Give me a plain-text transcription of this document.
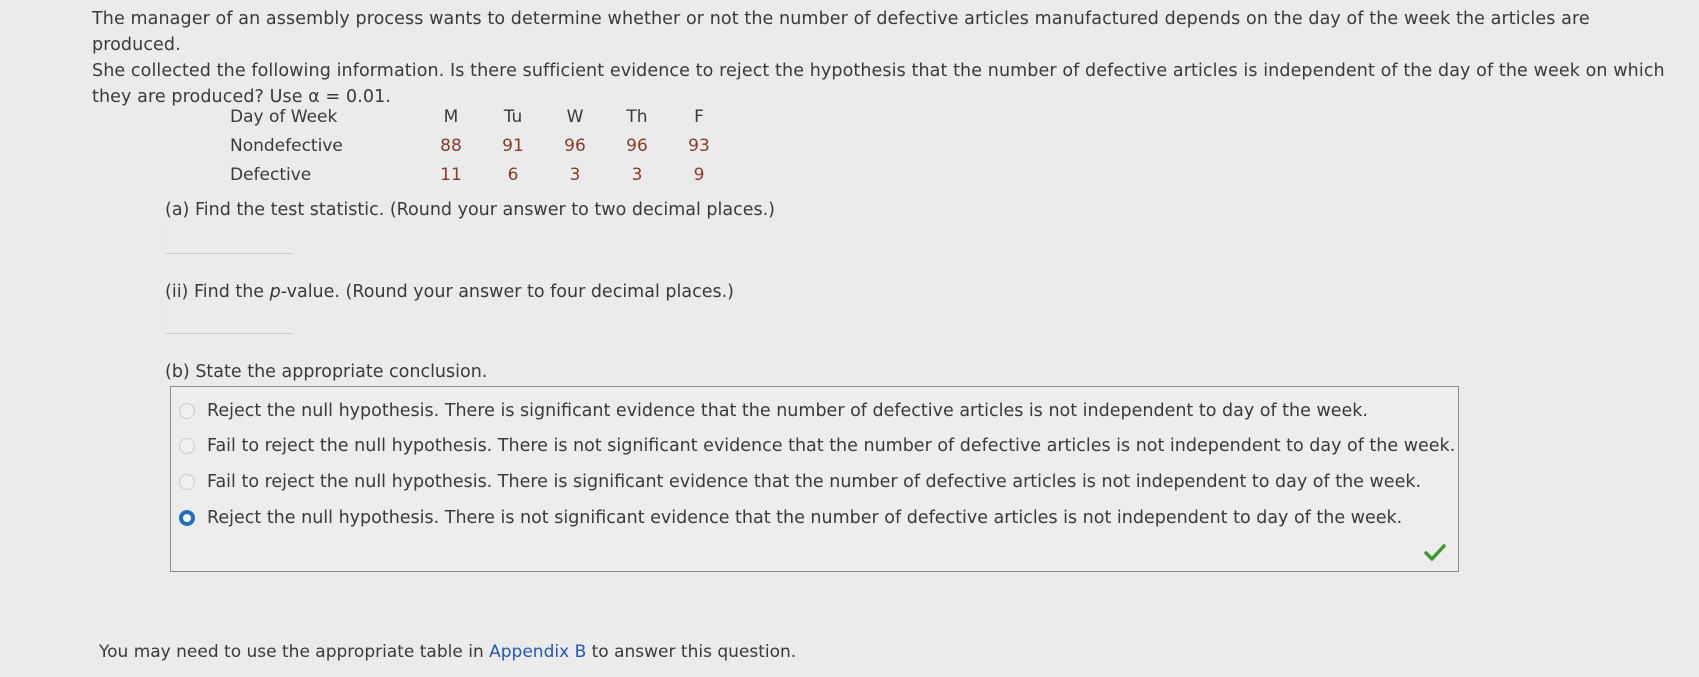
The manager of an assembly process wants to determine whether or not the number of defective articles manufactured depends on the day of the week the articles are produced.

She collected the following information. Is there sufficient evidence to reject the hypothesis that the number of defective articles is independent of the day of the week on which

they are produced? Use α = 0.01.

Day of Week	M	Tu	W	Th	F
Nondefective	88	91	96	96	93
Defective	11	6	3	3	9
(a) Find the test statistic. (Round your answer to two decimal places.)
(ii) Find the p-value. (Round your answer to four decimal places.)
(b) State the appropriate conclusion.
Reject the null hypothesis. There is significant evidence that the number of defective articles is not independent to day of the week.
Fail to reject the null hypothesis. There is not significant evidence that the number of defective articles is not independent to day of the week.
Fail to reject the null hypothesis. There is significant evidence that the number of defective articles is not independent to day of the week.
Reject the null hypothesis. There is not significant evidence that the number of defective articles is not independent to day of the week.
You may need to use the appropriate table in Appendix B to answer this question.
